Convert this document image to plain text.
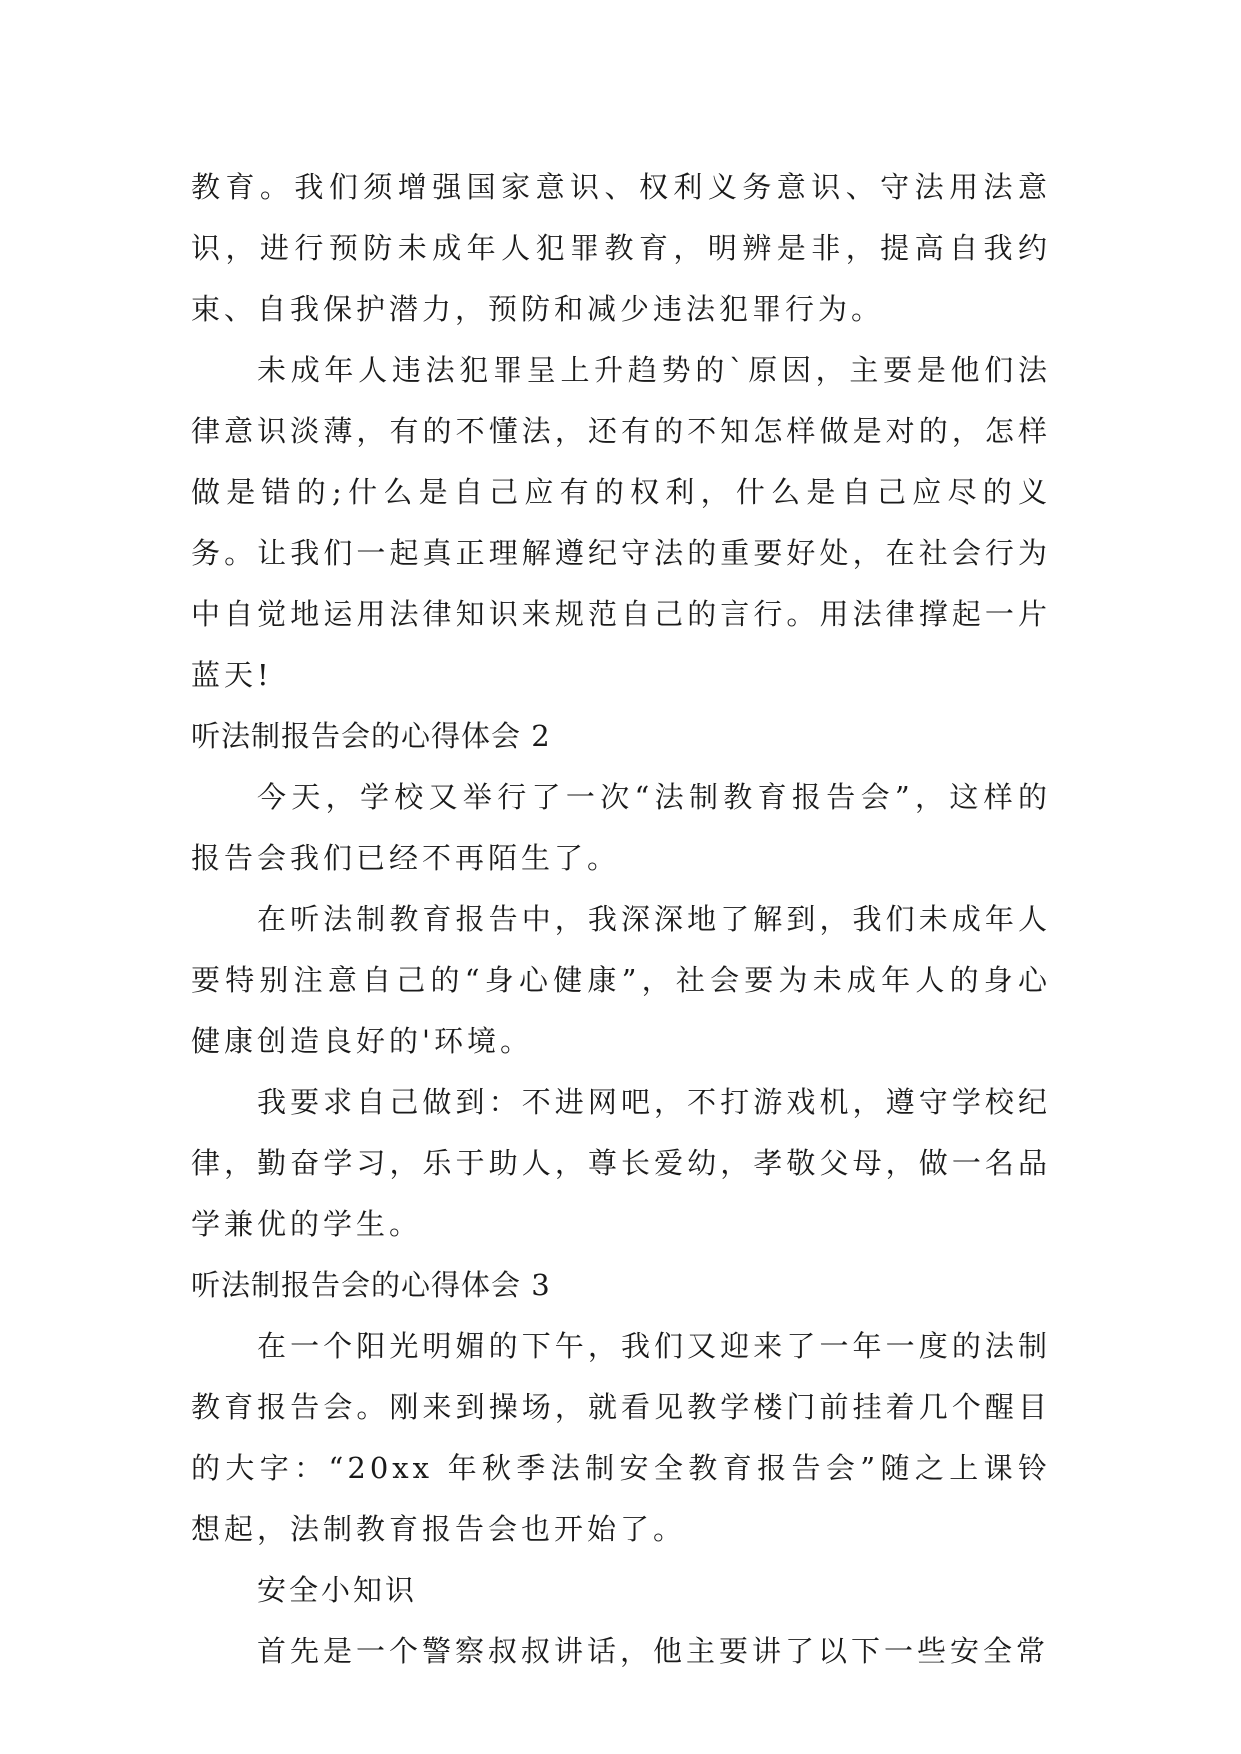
教育。我们须增强国家意识、权利义务意识、守法用法意识，进行预防未成年人犯罪教育，明辨是非，提高自我约束、自我保护潜力，预防和减少违法犯罪行为。

未成年人违法犯罪呈上升趋势的`原因，主要是他们法律意识淡薄，有的不懂法，还有的不知怎样做是对的，怎样做是错的;什么是自己应有的权利，什么是自己应尽的义务。让我们一起真正理解遵纪守法的重要好处，在社会行为中自觉地运用法律知识来规范自己的言行。用法律撑起一片蓝天!

听法制报告会的心得体会 2

今天，学校又举行了一次“法制教育报告会”，这样的报告会我们已经不再陌生了。

在听法制教育报告中，我深深地了解到，我们未成年人要特别注意自己的“身心健康”，社会要为未成年人的身心健康创造良好的'环境。

我要求自己做到：不进网吧，不打游戏机，遵守学校纪律，勤奋学习，乐于助人，尊长爱幼，孝敬父母，做一名品学兼优的学生。

听法制报告会的心得体会 3

在一个阳光明媚的下午，我们又迎来了一年一度的法制教育报告会。刚来到操场，就看见教学楼门前挂着几个醒目的大字：“20xx 年秋季法制安全教育报告会”随之上课铃想起，法制教育报告会也开始了。

安全小知识

首先是一个警察叔叔讲话，他主要讲了以下一些安全常
